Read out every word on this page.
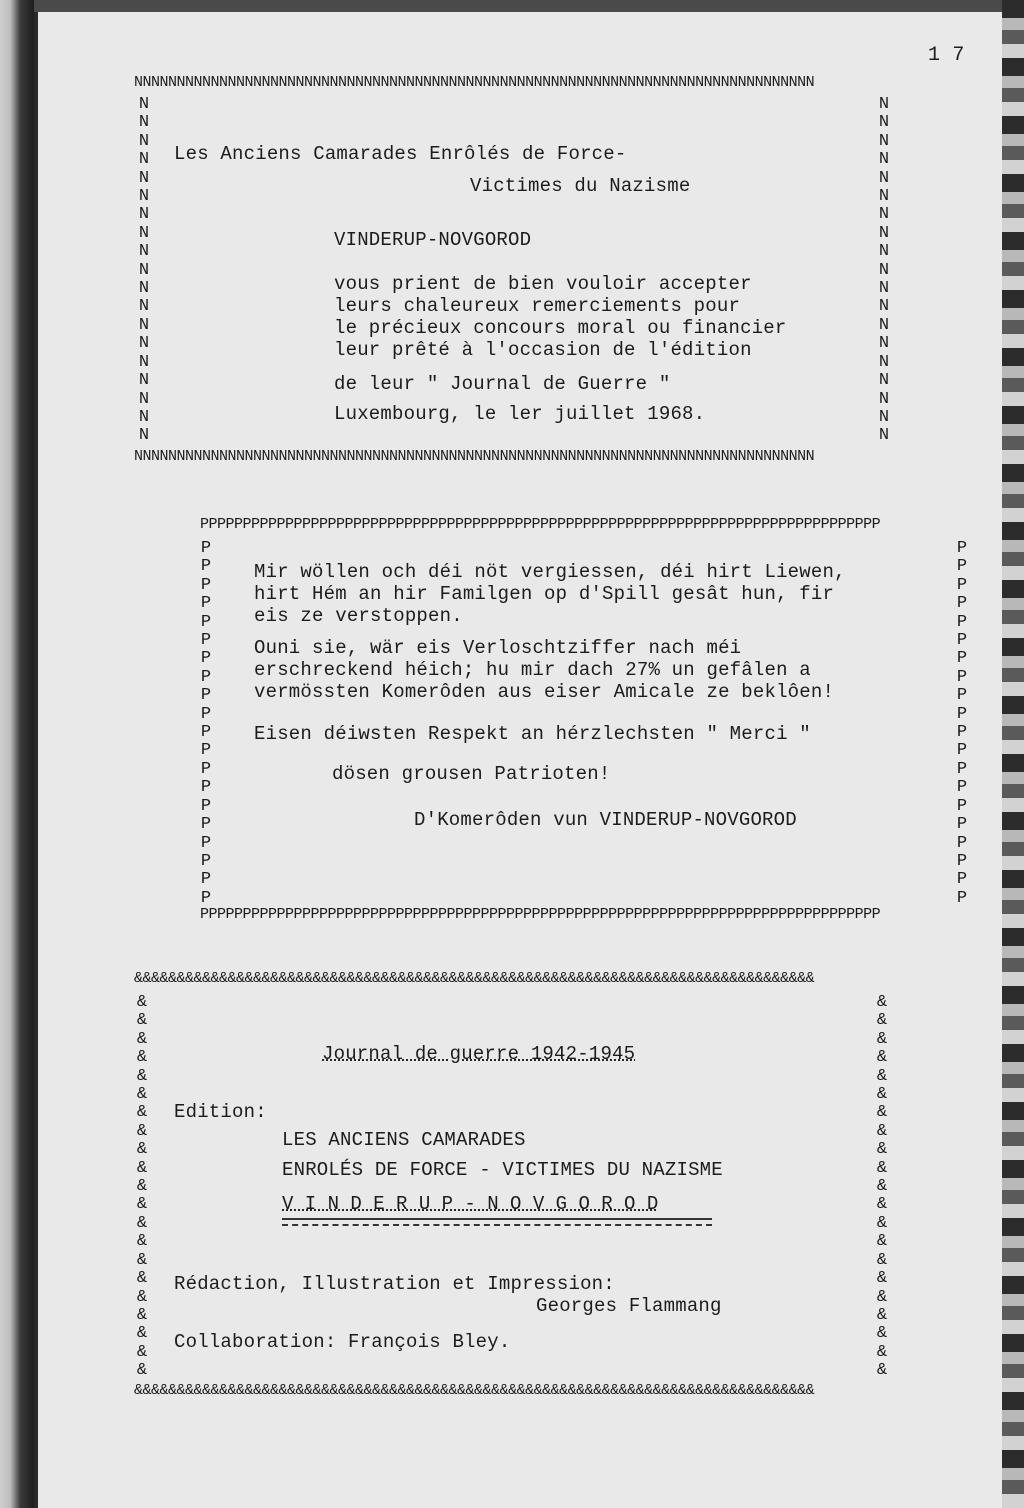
1 7
NNNNNNNNNNNNNNNNNNNNNNNNNNNNNNNNNNNNNNNNNNNNNNNNNNNNNNNNNNNNNNNNNNNNNNNNNNNNNNNN
NNNNNNNNNNNNNNNNNNNNNNNNNNNNNNNNNNNNNNNNNNNNNNNNNNNNNNNNNNNNNNNNNNNNNNNNNNNNNNNN
N
N
N
N
N
N
N
N
N
N
N
N
N
N
N
N
N
N
N
N
N
N
N
N
N
N
N
N
N
N
N
N
N
N
N
N
N
N
Les Anciens Camarades Enrôlés de Force-
Victimes du Nazisme
VINDERUP-NOVGOROD
vous prient de bien vouloir accepter
leurs chaleureux remerciements pour
le précieux concours moral ou financier
leur prêté à l'occasion de l'édition
de leur " Journal de Guerre "
Luxembourg, le ler juillet 1968.
PPPPPPPPPPPPPPPPPPPPPPPPPPPPPPPPPPPPPPPPPPPPPPPPPPPPPPPPPPPPPPPPPPPPPPPPPPPPPPPP
PPPPPPPPPPPPPPPPPPPPPPPPPPPPPPPPPPPPPPPPPPPPPPPPPPPPPPPPPPPPPPPPPPPPPPPPPPPPPPPP
P
P
P
P
P
P
P
P
P
P
P
P
P
P
P
P
P
P
P
P
P
P
P
P
P
P
P
P
P
P
P
P
P
P
P
P
P
P
P
P
Mir wöllen och déi nöt vergiessen, déi hirt Liewen,
hirt Hém an hir Familgen op d'Spill gesât hun, fir
eis ze verstoppen.
Ouni sie, wär eis Verloschtziffer nach méi
erschreckend héich; hu mir dach 27% un gefâlen a
vermössten Komerôden aus eiser Amicale ze beklôen!
Eisen déiwsten Respekt an hérzlechsten " Merci "
dösen grousen Patrioten!
D'Komerôden vun VINDERUP-NOVGOROD
&&&&&&&&&&&&&&&&&&&&&&&&&&&&&&&&&&&&&&&&&&&&&&&&&&&&&&&&&&&&&&&&&&&&&&&&&&&&&&&&
&&&&&&&&&&&&&&&&&&&&&&&&&&&&&&&&&&&&&&&&&&&&&&&&&&&&&&&&&&&&&&&&&&&&&&&&&&&&&&&&
&
&
&
&
&
&
&
&
&
&
&
&
&
&
&
&
&
&
&
&
&
&
&
&
&
&
&
&
&
&
&
&
&
&
&
&
&
&
&
&
&
&
Journal de guerre 1942-1945
Edition:
LES ANCIENS CAMARADES
ENROLÉS DE FORCE - VICTIMES DU NAZISME
V I N D E R U P - N O V G O R O D
Rédaction, Illustration et Impression:
Georges Flammang
Collaboration: François Bley.
